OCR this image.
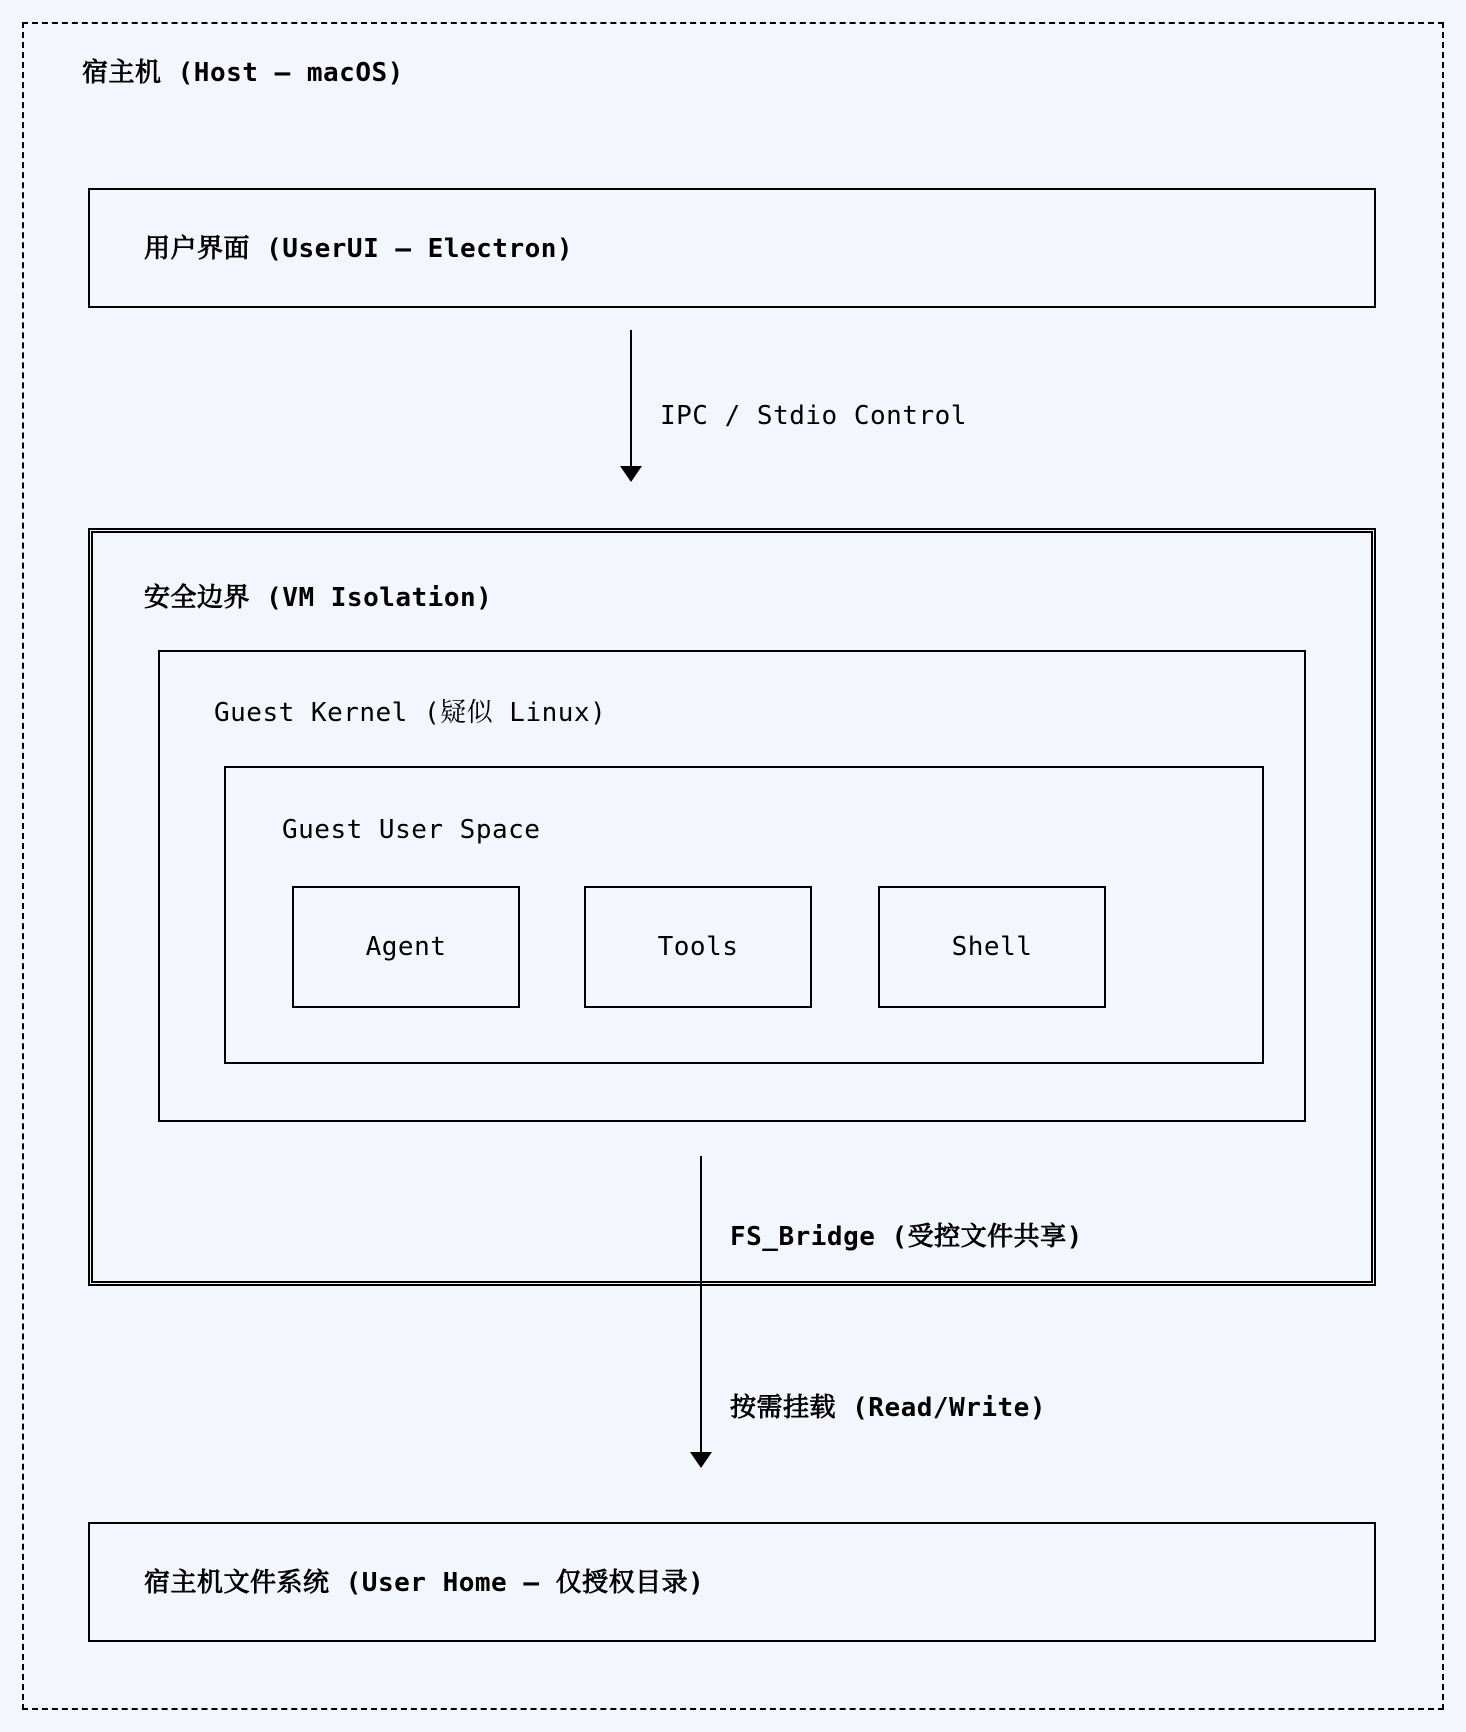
宿主机 (Host — macOS)
用户界面 (UserUI — Electron)
IPC / Stdio Control
安全边界 (VM Isolation)
Guest Kernel (疑似 Linux)
Guest User Space
Agent	Tools	Shell
FS_Bridge (受控文件共享)
按需挂载 (Read/Write)
宿主机文件系统 (User Home — 仅授权目录)
